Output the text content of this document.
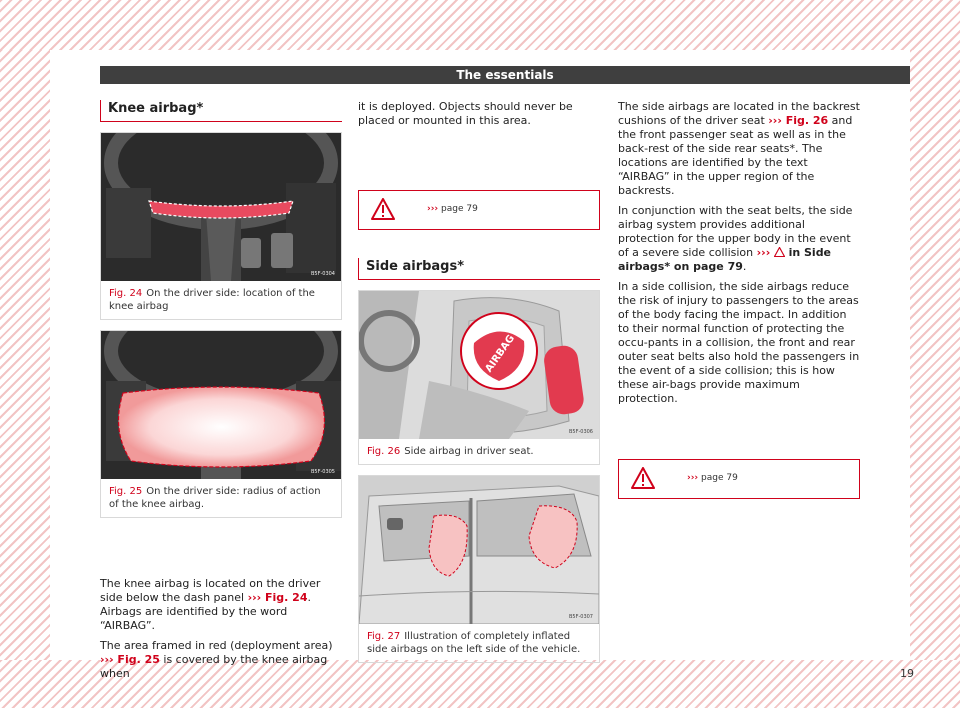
The essentials
Knee airbag*
B5F-0304
Fig. 24 On the driver side: location of the knee airbag
B5F-0305
Fig. 25 On the driver side: radius of action of the knee airbag.

The knee airbag is located on the driver side below the dash panel ››› Fig. 24. Airbags are identified by the word “AIRBAG”.

The area framed in red (deployment area) ››› Fig. 25 is covered by the knee airbag when

it is deployed. Objects should never be placed or mounted in this area.

››› page 79
Side airbags*
AIRBAG
B5F-0306
Fig. 26 Side airbag in driver seat.
B5F-0307
Fig. 27 Illustration of completely inflated side airbags on the left side of the vehicle.

The side airbags are located in the backrest cushions of the driver seat ››› Fig. 26 and the front passenger seat as well as in the back-rest of the side rear seats*. The locations are identified by the text “AIRBAG” in the upper region of the backrests.

In conjunction with the seat belts, the side airbag system provides additional protection for the upper body in the event of a severe side collision ›››  in Side airbags* on page 79.

In a side collision, the side airbags reduce the risk of injury to passengers to the areas of the body facing the impact. In addition to their normal function of protecting the occu-pants in a collision, the front and rear outer seat belts also hold the passengers in the event of a side collision; this is how these air-bags provide maximum protection.

››› page 79
19
